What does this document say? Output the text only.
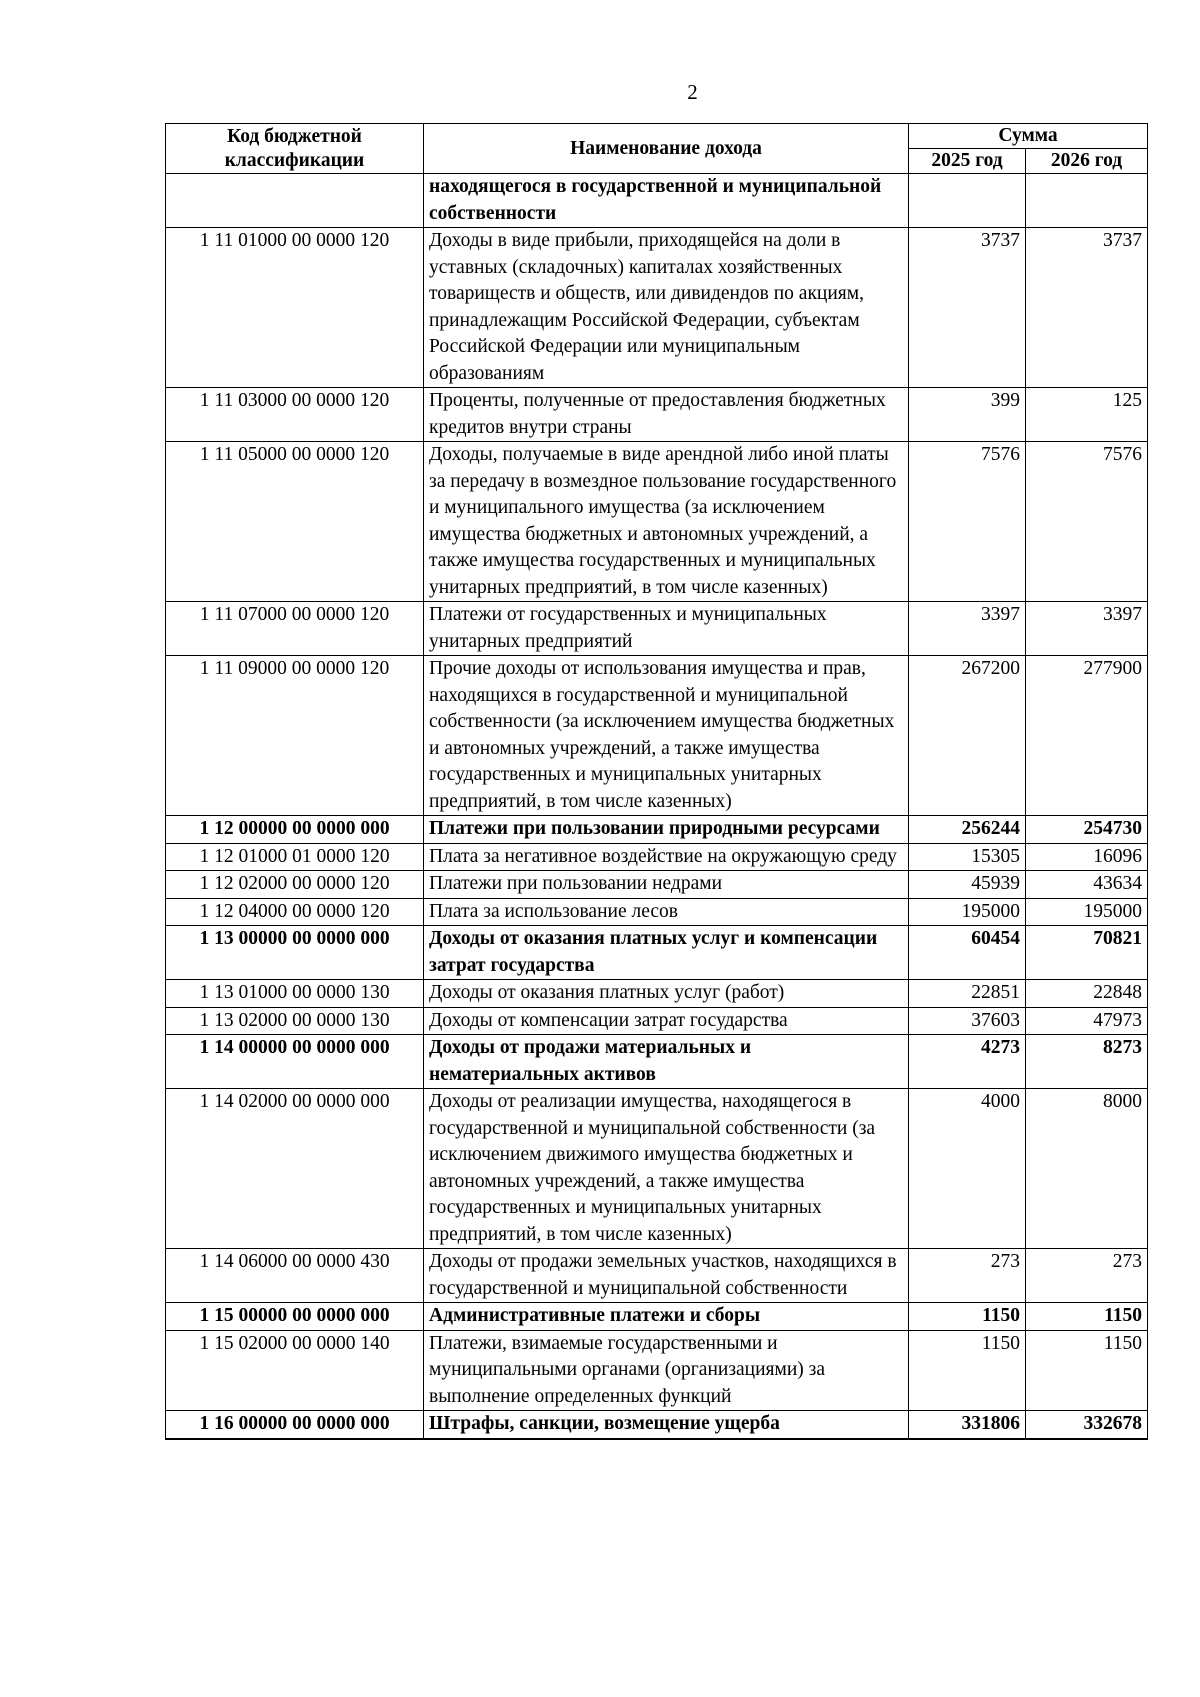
2
Код бюджетной классификации	Наименование дохода	Сумма	
		2025 год	2026 год
	находящегося в государственной и муниципальной собственности		
1 11 01000 00 0000 120	Доходы в виде прибыли, приходящейся на доли в уставных (складочных) капиталах хозяйственных товариществ и обществ, или дивидендов по акциям, принадлежащим Российской Федерации, субъектам Российской Федерации или муниципальным образованиям	3737	3737
1 11 03000 00 0000 120	Проценты, полученные от предоставления бюджетных кредитов внутри страны	399	125
1 11 05000 00 0000 120	Доходы, получаемые в виде арендной либо иной платы за передачу в возмездное пользование государственного и муниципального имущества (за исключением имущества бюджетных и автономных учреждений, а также имущества государственных и муниципальных унитарных предприятий, в том числе казенных)	7576	7576
1 11 07000 00 0000 120	Платежи от государственных и муниципальных унитарных предприятий	3397	3397
1 11 09000 00 0000 120	Прочие доходы от использования имущества и прав, находящихся в государственной и муниципальной собственности (за исключением имущества бюджетных и автономных учреждений, а также имущества государственных и муниципальных унитарных предприятий, в том числе казенных)	267200	277900
1 12 00000 00 0000 000	Платежи при пользовании природными ресурсами	256244	254730
1 12 01000 01 0000 120	Плата за негативное воздействие на окружающую среду	15305	16096
1 12 02000 00 0000 120	Платежи при пользовании недрами	45939	43634
1 12 04000 00 0000 120	Плата за использование лесов	195000	195000
1 13 00000 00 0000 000	Доходы от оказания платных услуг и компенсации затрат государства	60454	70821
1 13 01000 00 0000 130	Доходы от оказания платных услуг (работ)	22851	22848
1 13 02000 00 0000 130	Доходы от компенсации затрат государства	37603	47973
1 14 00000 00 0000 000	Доходы от продажи материальных и нематериальных активов	4273	8273
1 14 02000 00 0000 000	Доходы от реализации имущества, находящегося в государственной и муниципальной собственности (за исключением движимого имущества бюджетных и автономных учреждений, а также имущества государственных и муниципальных унитарных предприятий, в том числе казенных)	4000	8000
1 14 06000 00 0000 430	Доходы от продажи земельных участков, находящихся в государственной и муниципальной собственности	273	273
1 15 00000 00 0000 000	Административные платежи и сборы	1150	1150
1 15 02000 00 0000 140	Платежи, взимаемые государственными и муниципальными органами (организациями) за выполнение определенных функций	1150	1150
1 16 00000 00 0000 000	Штрафы, санкции, возмещение ущерба	331806	332678
